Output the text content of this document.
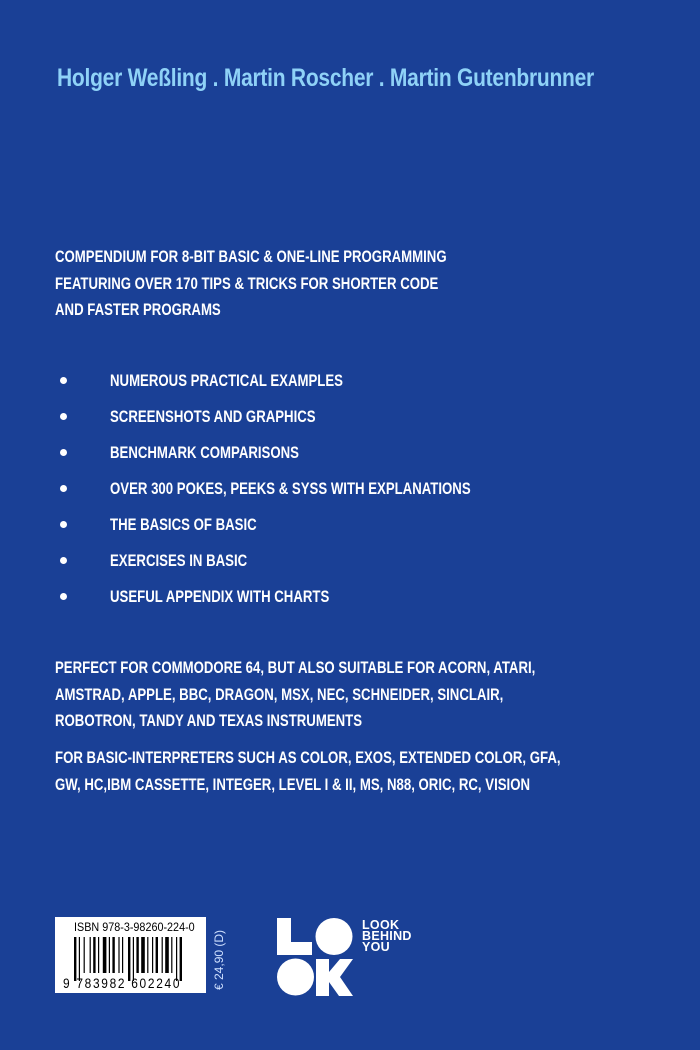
Holger Weßling . Martin Roscher . Martin Gutenbrunner
COMPENDIUM FOR 8-BIT BASIC & ONE-LINE PROGRAMMING
FEATURING OVER 170 TIPS & TRICKS FOR SHORTER CODE
AND FASTER PROGRAMS
NUMEROUS PRACTICAL EXAMPLES
SCREENSHOTS AND GRAPHICS
BENCHMARK COMPARISONS
OVER 300 POKES, PEEKS & SYSS WITH EXPLANATIONS
THE BASICS OF BASIC
EXERCISES IN BASIC
USEFUL APPENDIX WITH CHARTS
PERFECT FOR COMMODORE 64, BUT ALSO SUITABLE FOR ACORN, ATARI,
AMSTRAD, APPLE, BBC, DRAGON, MSX, NEC, SCHNEIDER, SINCLAIR,
ROBOTRON, TANDY AND TEXAS INSTRUMENTS
FOR BASIC-INTERPRETERS SUCH AS COLOR, EXOS, EXTENDED COLOR, GFA,
GW, HC,IBM CASSETTE, INTEGER, LEVEL I & II, MS, N88, ORIC, RC, VISION
ISBN 978-3-98260-224-0
9 783982 602240	€ 24,90 (D)
LOOK
BEHIND
YOU
